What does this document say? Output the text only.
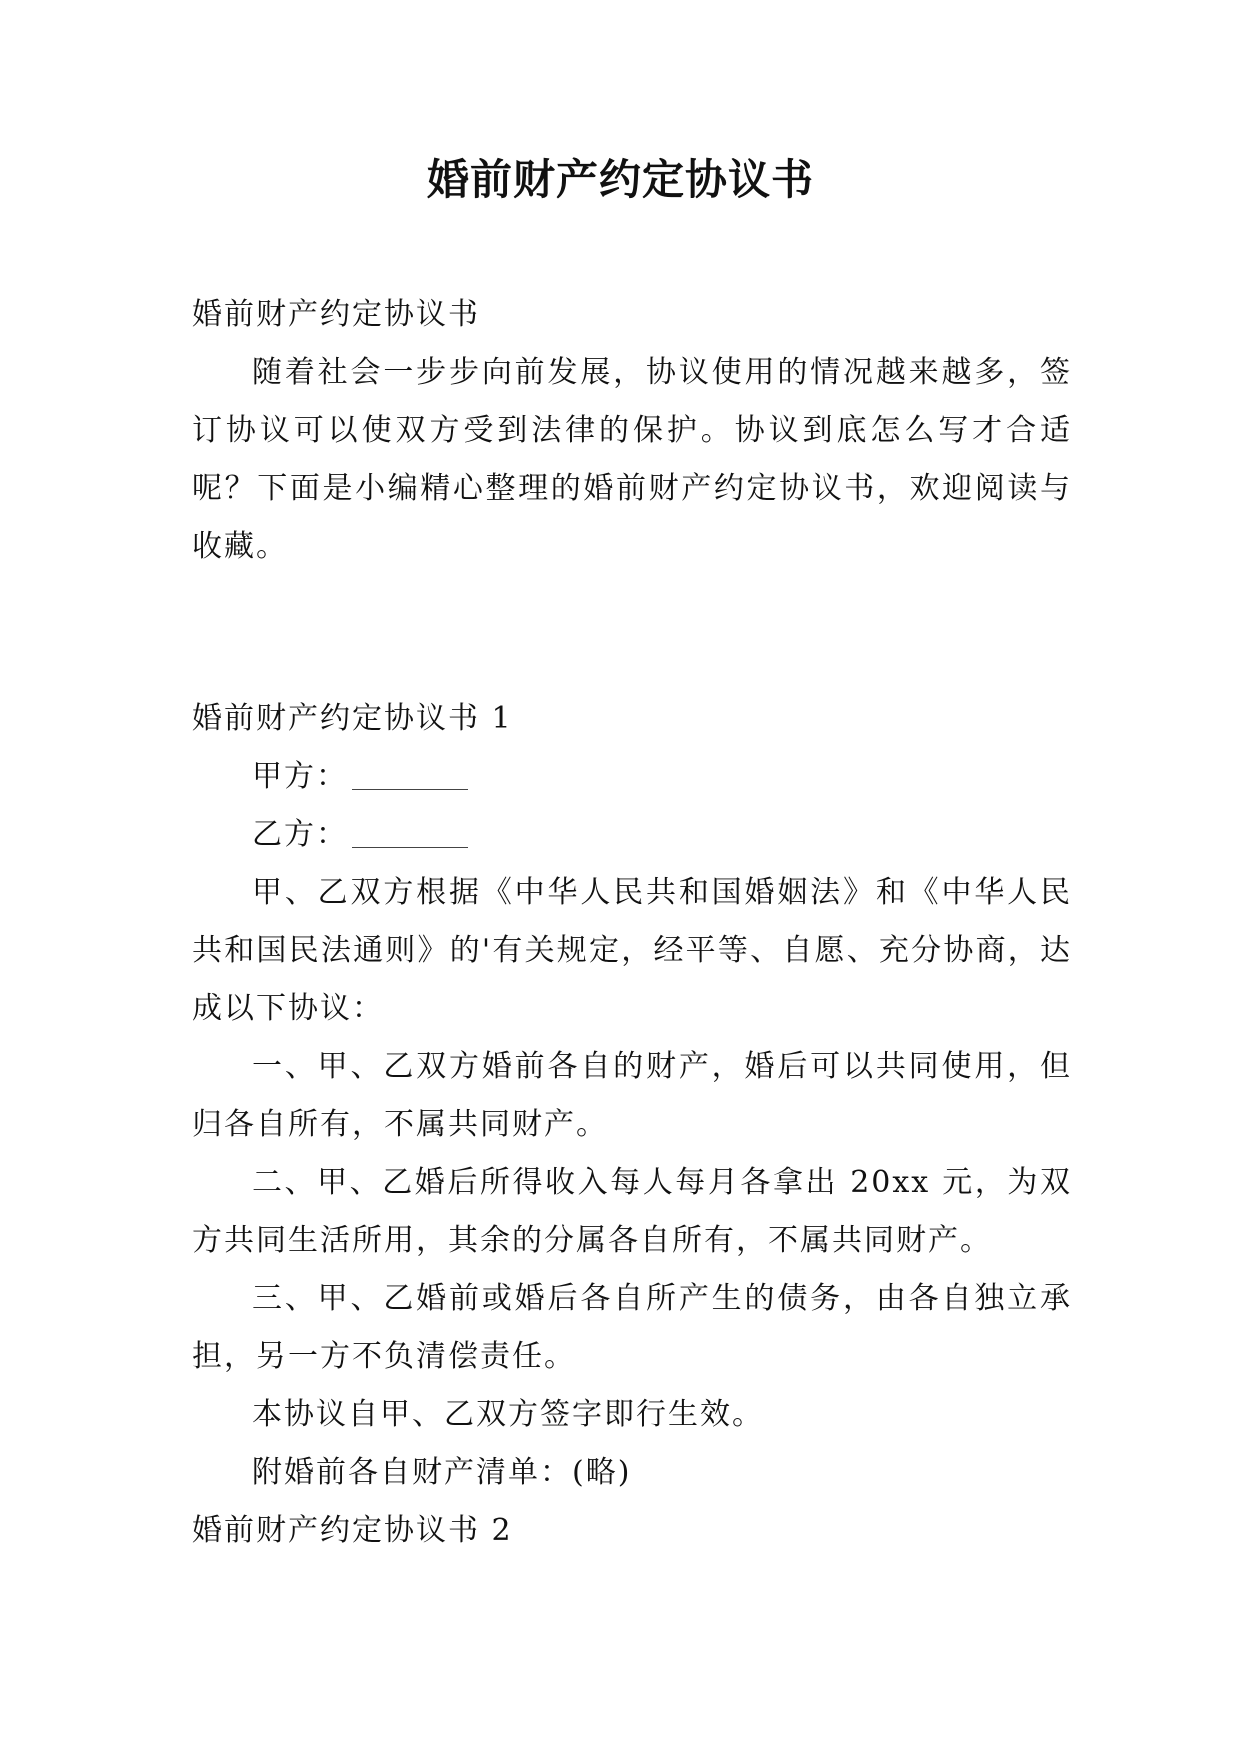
婚前财产约定协议书

婚前财产约定协议书

随着社会一步步向前发展，协议使用的情况越来越多，签订协议可以使双方受到法律的保护。协议到底怎么写才合适呢？下面是小编精心整理的婚前财产约定协议书，欢迎阅读与收藏。

婚前财产约定协议书 1

甲方：

乙方：

甲、乙双方根据《中华人民共和国婚姻法》和《中华人民共和国民法通则》的'有关规定，经平等、自愿、充分协商，达成以下协议：

一、甲、乙双方婚前各自的财产，婚后可以共同使用，但归各自所有，不属共同财产。

二、甲、乙婚后所得收入每人每月各拿出 20xx 元，为双方共同生活所用，其余的分属各自所有，不属共同财产。

三、甲、乙婚前或婚后各自所产生的债务，由各自独立承担，另一方不负清偿责任。

本协议自甲、乙双方签字即行生效。

附婚前各自财产清单：(略)

婚前财产约定协议书 2
